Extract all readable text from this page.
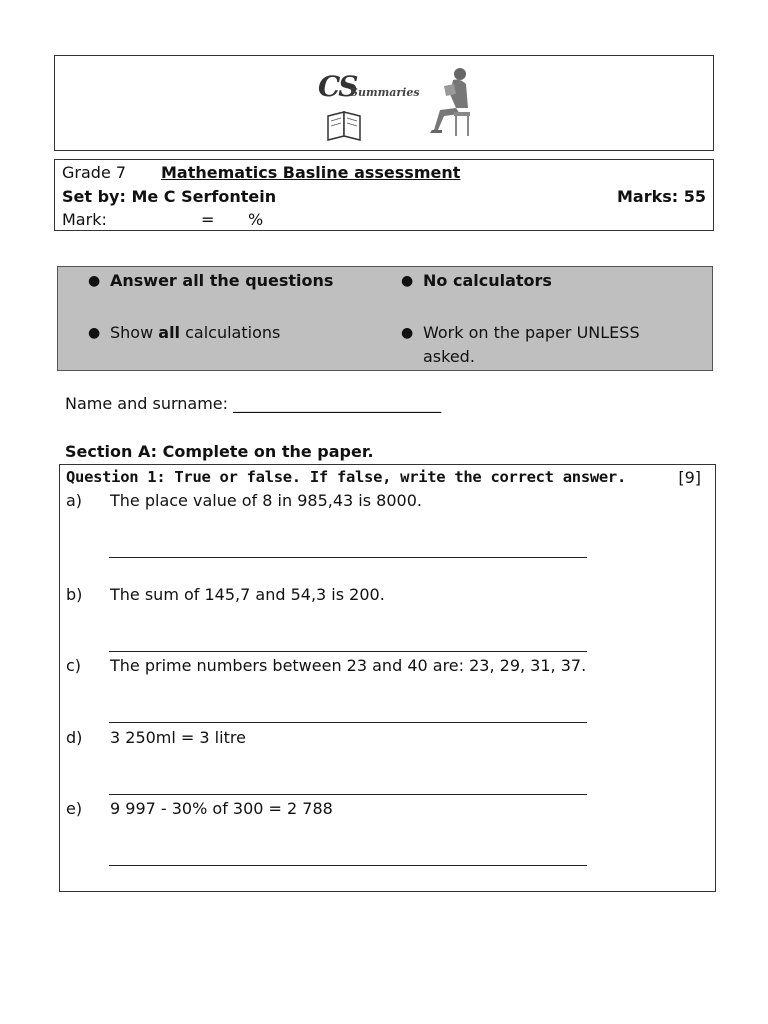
CS
Summaries
Grade 7 Mathematics Basline assessment
Set by: Me C Serfontein	Marks: 55
Mark:	= %
● Answer all the questions
● Show all calculations
● No calculators
● Work on the paper UNLESS asked.
Name and surname: __________________________
Section A: Complete on the paper.
Question 1: True or false. If false, write the correct answer.	[9]
a) The place value of 8 in 985,43 is 8000.
b) The sum of 145,7 and 54,3 is 200.
c) The prime numbers between 23 and 40 are: 23, 29, 31, 37.
d) 3 250ml = 3 litre
e) 9 997 - 30% of 300 = 2 788
